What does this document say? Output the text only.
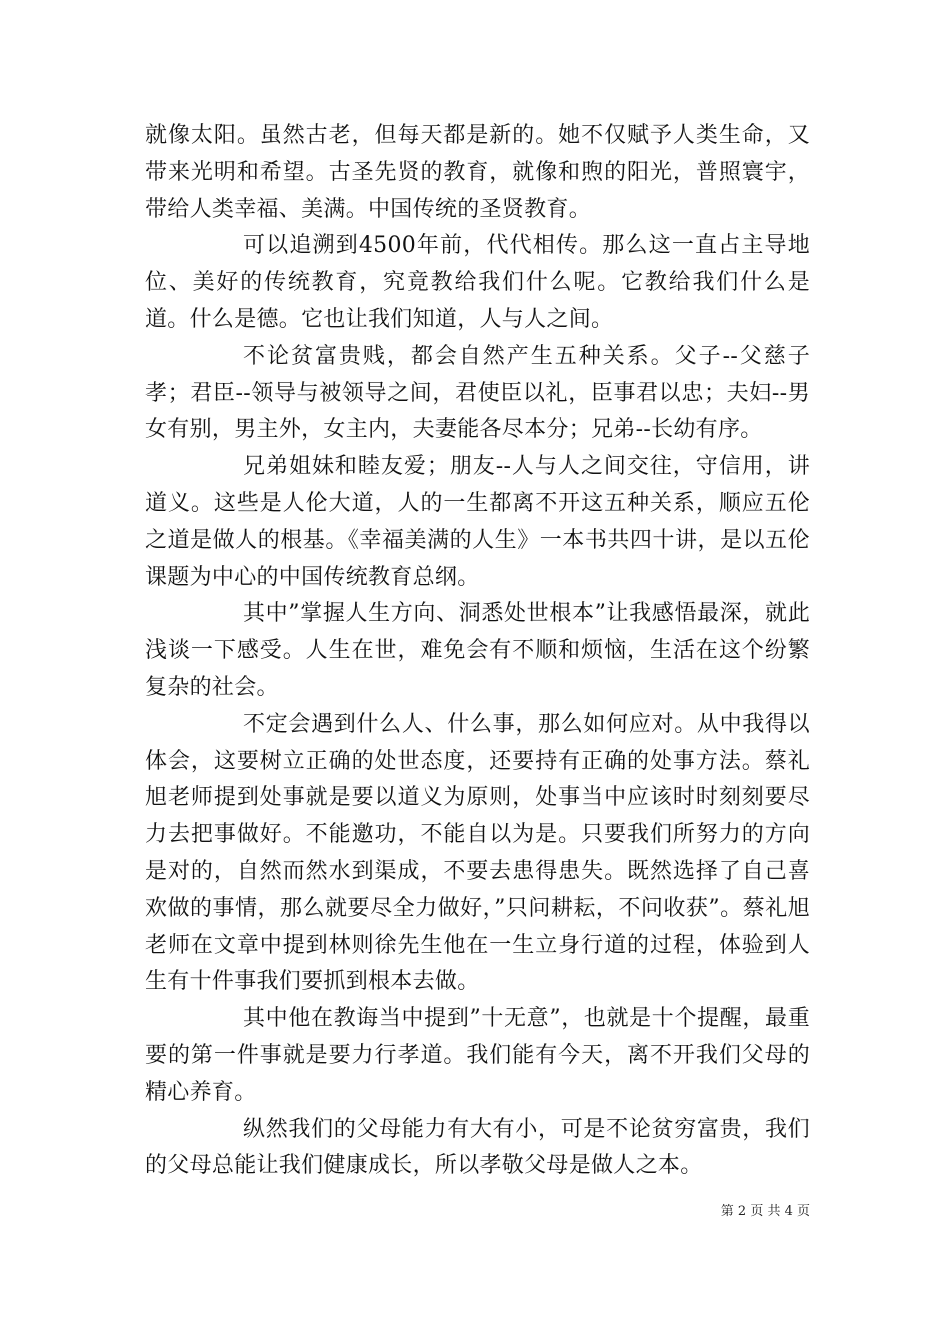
就像太阳。虽然古老，但每天都是新的。她不仅赋予人类生命，又带来光明和希望。古圣先贤的教育，就像和煦的阳光，普照寰宇，带给人类幸福、美满。中国传统的圣贤教育。

可以追溯到4500年前，代代相传。那么这一直占主导地位、美好的传统教育，究竟教给我们什么呢。它教给我们什么是道。什么是德。它也让我们知道，人与人之间。

不论贫富贵贱，都会自然产生五种关系。父子--父慈子孝；君臣--领导与被领导之间，君使臣以礼，臣事君以忠；夫妇--男女有别，男主外，女主内，夫妻能各尽本分；兄弟--长幼有序。

兄弟姐妹和睦友爱；朋友--人与人之间交往，守信用，讲道义。这些是人伦大道，人的一生都离不开这五种关系，顺应五伦之道是做人的根基。《幸福美满的人生》一本书共四十讲，是以五伦课题为中心的中国传统教育总纲。

其中”掌握人生方向、洞悉处世根本”让我感悟最深，就此浅谈一下感受。人生在世，难免会有不顺和烦恼，生活在这个纷繁复杂的社会。

不定会遇到什么人、什么事，那么如何应对。从中我得以体会，这要树立正确的处世态度，还要持有正确的处事方法。蔡礼旭老师提到处事就是要以道义为原则，处事当中应该时时刻刻要尽力去把事做好。不能邀功，不能自以为是。只要我们所努力的方向是对的，自然而然水到渠成，不要去患得患失。既然选择了自己喜欢做的事情，那么就要尽全力做好，”只问耕耘，不问收获”。蔡礼旭老师在文章中提到林则徐先生他在一生立身行道的过程，体验到人生有十件事我们要抓到根本去做。

其中他在教诲当中提到”十无意”，也就是十个提醒，最重要的第一件事就是要力行孝道。我们能有今天，离不开我们父母的精心养育。

纵然我们的父母能力有大有小，可是不论贫穷富贵，我们的父母总能让我们健康成长，所以孝敬父母是做人之本。

第 2 页 共 4 页
